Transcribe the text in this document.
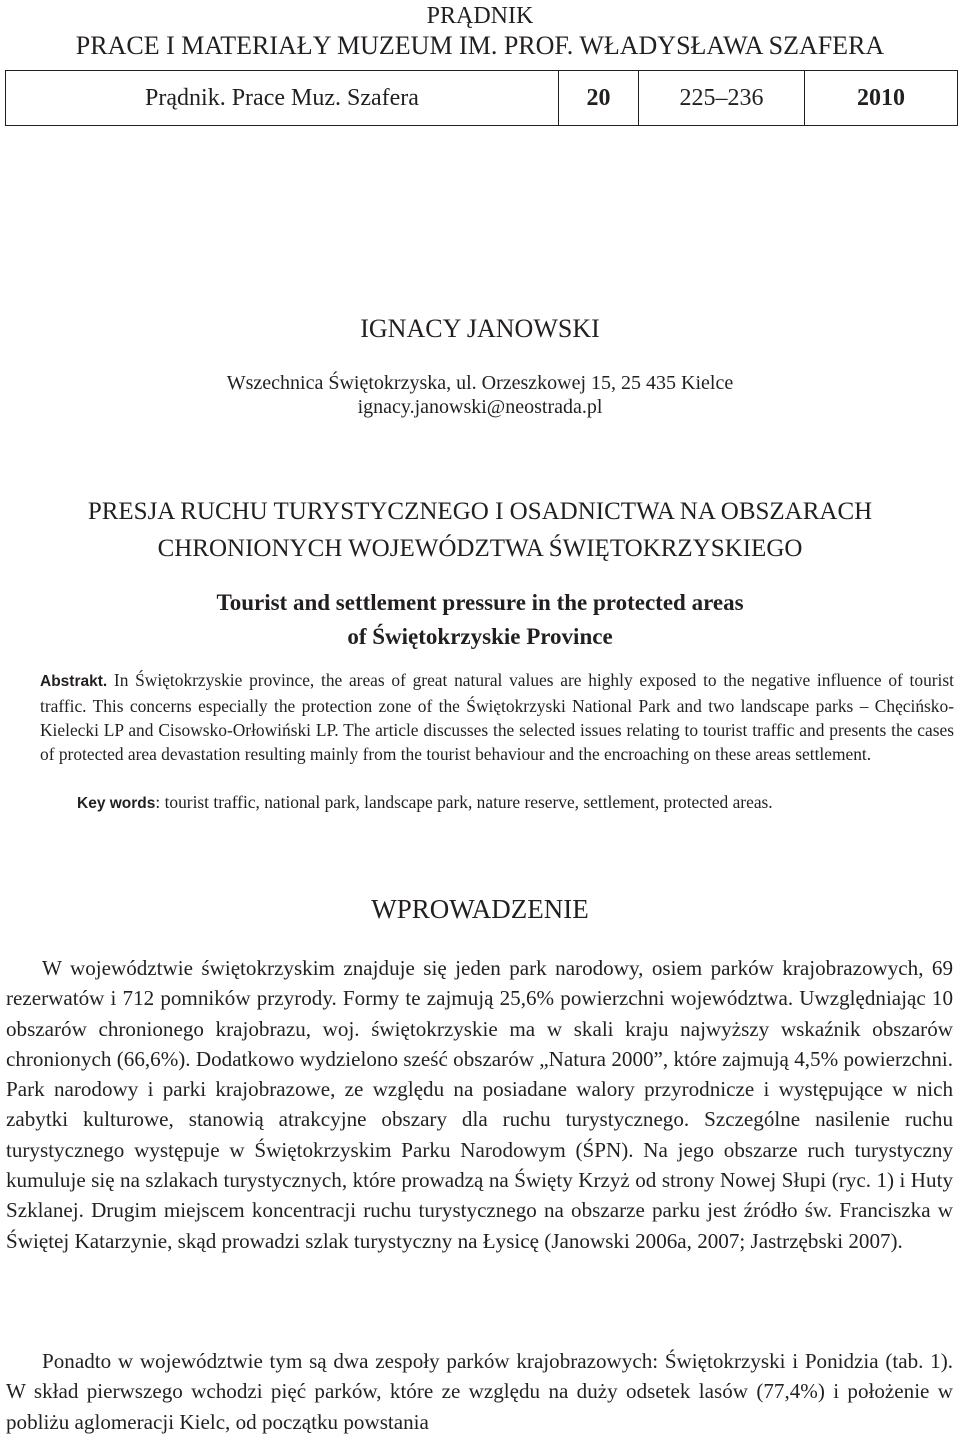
PRĄDNIK
PRACE I MATERIAŁY MUZEUM IM. PROF. WŁADYSŁAWA SZAFERA
Prądnik. Prace Muz. Szafera	20	225–236	2010
IGNACY JANOWSKI
Wszechnica Świętokrzyska, ul. Orzeszkowej 15, 25 435 Kielce
ignacy.janowski@neostrada.pl
PRESJA RUCHU TURYSTYCZNEGO I OSADNICTWA NA OBSZARACH
CHRONIONYCH WOJEWÓDZTWA ŚWIĘTOKRZYSKIEGO
Tourist and settlement pressure in the protected areas
of Świętokrzyskie Province

Abstrakt. In Świętokrzyskie province, the areas of great natural values are highly exposed to the negative influence of tourist traffic. This concerns especially the protection zone of the Świętokrzyski National Park and two landscape parks – Chęcińsko-Kielecki LP and Cisowsko-Orłowiński LP. The article discusses the selected issues relating to tourist traffic and presents the cases of protected area devastation resulting mainly from the tourist behaviour and the encroaching on these areas settlement.

Key words: tourist traffic, national park, landscape park, nature reserve, settlement, protected areas.

WPROWADZENIE

W województwie świętokrzyskim znajduje się jeden park narodowy, osiem parków krajobrazowych, 69 rezerwatów i 712 pomników przyrody. Formy te zajmują 25,6% powierzchni województwa. Uwzględniając 10 obszarów chronionego krajobrazu, woj. świętokrzyskie ma w skali kraju najwyższy wskaźnik obszarów chronionych (66,6%). Dodatkowo wydzielono sześć obszarów „Natura 2000”, które zajmują 4,5% powierzchni. Park narodowy i parki krajobrazowe, ze względu na posiadane walory przyrodnicze i występujące w nich zabytki kulturowe, stanowią atrakcyjne obszary dla ruchu turystycznego. Szczególne nasilenie ruchu turystycznego występuje w Świętokrzyskim Parku Narodowym (ŚPN). Na jego obszarze ruch turystyczny kumuluje się na szlakach turystycznych, które prowadzą na Święty Krzyż od strony Nowej Słupi (ryc. 1) i Huty Szklanej. Drugim miejscem koncentracji ruchu turystycznego na obszarze parku jest źródło św. Franciszka w Świętej Katarzynie, skąd prowadzi szlak turystyczny na Łysicę (Janowski 2006a, 2007; Jastrzębski 2007).

Ponadto w województwie tym są dwa zespoły parków krajobrazowych: Świętokrzyski i Ponidzia (tab. 1). W skład pierwszego wchodzi pięć parków, które ze względu na duży odsetek lasów (77,4%) i położenie w pobliżu aglomeracji Kielc, od początku powstania
